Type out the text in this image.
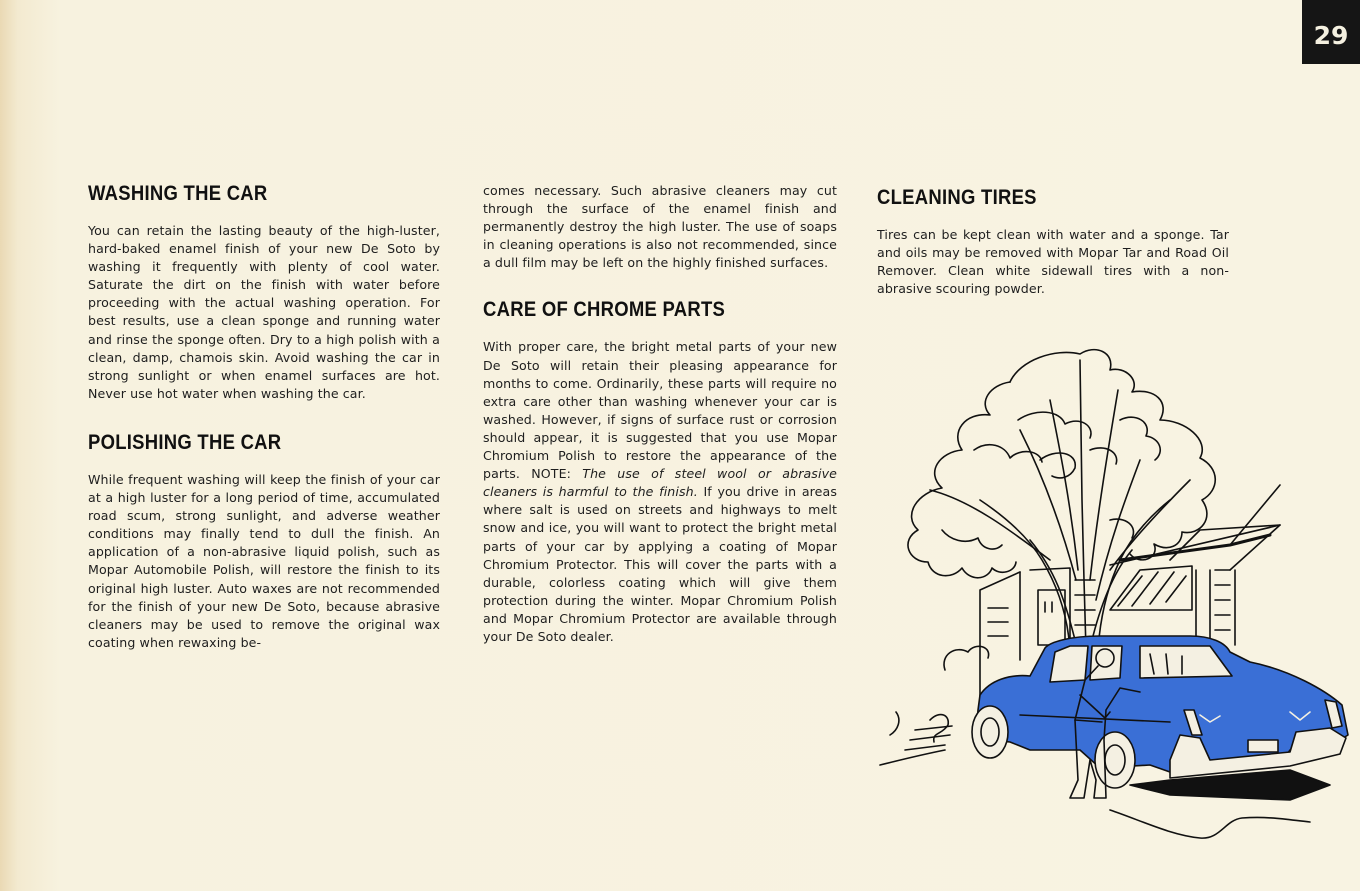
29
WASHING THE CAR

You can retain the lasting beauty of the high-luster, hard-baked enamel finish of your new De Soto by washing it frequently with plenty of cool water. Saturate the dirt on the finish with water before proceeding with the actual washing operation. For best results, use a clean sponge and running water and rinse the sponge often. Dry to a high polish with a clean, damp, chamois skin. Avoid washing the car in strong sunlight or when enamel surfaces are hot. Never use hot water when washing the car.

POLISHING THE CAR

While frequent washing will keep the finish of your car at a high luster for a long period of time, accumulated road scum, strong sunlight, and adverse weather conditions may finally tend to dull the finish. An application of a non-abrasive liquid polish, such as Mopar Automobile Polish, will restore the finish to its original high luster. Auto waxes are not recommended for the finish of your new De Soto, because abrasive cleaners may be used to remove the original wax coating when rewaxing be-

comes necessary. Such abrasive cleaners may cut through the surface of the enamel finish and permanently destroy the high luster. The use of soaps in cleaning operations is also not recommended, since a dull film may be left on the highly finished surfaces.

CARE OF CHROME PARTS

With proper care, the bright metal parts of your new De Soto will retain their pleasing appearance for months to come. Ordinarily, these parts will require no extra care other than washing whenever your car is washed. However, if signs of surface rust or corrosion should appear, it is suggested that you use Mopar Chromium Polish to restore the appearance of the parts. NOTE: The use of steel wool or abrasive cleaners is harmful to the finish. If you drive in areas where salt is used on streets and highways to melt snow and ice, you will want to protect the bright metal parts of your car by applying a coating of Mopar Chromium Protector. This will cover the parts with a durable, colorless coating which will give them protection during the winter. Mopar Chromium Polish and Mopar Chromium Protector are available through your De Soto dealer.

CLEANING TIRES

Tires can be kept clean with water and a sponge. Tar and oils may be removed with Mopar Tar and Road Oil Remover. Clean white sidewall tires with a non-abrasive scouring powder.
